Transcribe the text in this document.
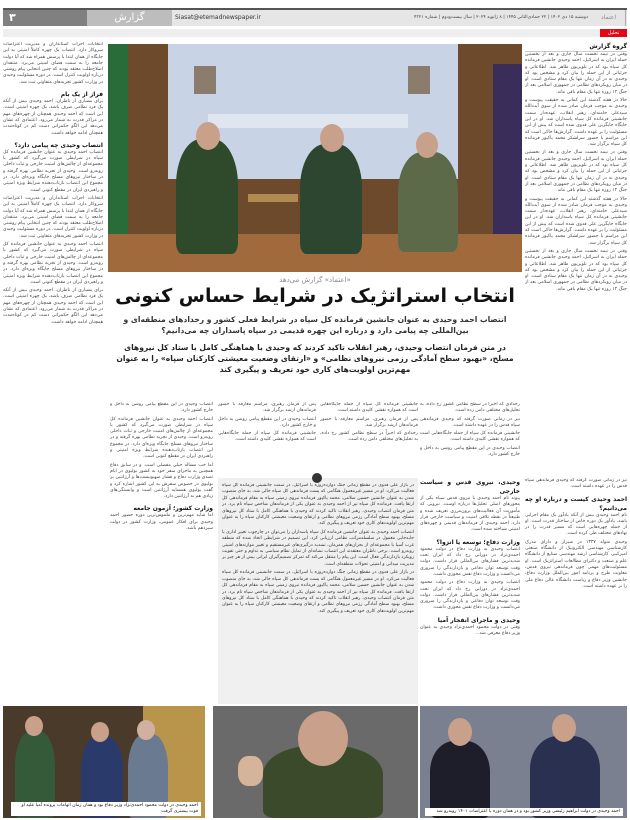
۳	گزارش	Siasat@etemadnewspaper.ir	دوشنبه ۱۵ دی ۱۴۰۲ | ۲۲ جمادی‌الثانی ۱۴۴۵ | ۸ ژانویه ۲۰۲۴ | سال بیست‌ودوم | شماره ۴۳۲۱	اعتماد
تحلیل
گروه گزارش

وقتی در نیمه نخست سال جاری و بعد از نخستین حمله ایران به اسرائیل، احمد وحیدی جانشین فرمانده کل سپاه بود که در تلویزیون ظاهر شد. اطلاعاتی و جزئیاتی از این حمله را بیان کرد و مشخص بود که وحیدی نه در آن زمان تنها یک مقام ستادی است. او در میان رویکردهای نظامی در جمهوری اسلامی بعد از جنگ ۱۲ روزه تنها یک مقام باقی ماند.

حالا در هفته گذشته این کمانی به حقیقت پیوست و وحیدی به موجب فرمان صادر شده از سوی آیت‌الله سیدعلی خامنه‌ای، رهبر انقلاب، عهده‌دار سمت جانشینی فرمانده کل سپاه پاسداران شد. او در این جایگاه جایگزین علی فدوی شده است که پیش از این مسئولیت را بر عهده داشت. گزارش‌ها حاکی است که این مراسم با حضور سرلشکر محمد پاکپور فرمانده کل سپاه برگزار شد.

وقتی در نیمه نخست سال جاری و بعد از نخستین حمله ایران به اسرائیل، احمد وحیدی جانشین فرمانده کل سپاه بود که در تلویزیون ظاهر شد. اطلاعاتی و جزئیاتی از این حمله را بیان کرد و مشخص بود که وحیدی نه در آن زمان تنها یک مقام ستادی است. او در میان رویکردهای نظامی در جمهوری اسلامی بعد از جنگ ۱۲ روزه تنها یک مقام باقی ماند.

حالا در هفته گذشته این کمانی به حقیقت پیوست و وحیدی به موجب فرمان صادر شده از سوی آیت‌الله سیدعلی خامنه‌ای، رهبر انقلاب، عهده‌دار سمت جانشینی فرمانده کل سپاه پاسداران شد. او در این جایگاه جایگزین علی فدوی شده است که پیش از این مسئولیت را بر عهده داشت. گزارش‌ها حاکی است که این مراسم با حضور سرلشکر محمد پاکپور فرمانده کل سپاه برگزار شد.

وقتی در نیمه نخست سال جاری و بعد از نخستین حمله ایران به اسرائیل، احمد وحیدی جانشین فرمانده کل سپاه بود که در تلویزیون ظاهر شد. اطلاعاتی و جزئیاتی از این حمله را بیان کرد و مشخص بود که وحیدی نه در آن زمان تنها یک مقام ستادی است. او در میان رویکردهای نظامی در جمهوری اسلامی بعد از جنگ ۱۲ روزه تنها یک مقام باقی ماند.

انتخابات احزاب استانداران و مدیریت اعتراضات سروکار دارد. انتصاب یک چهره کاملاً امنیتی به این جایگاه از همان ابتدا با پرسش همراه شد که آیا دولت جامعه را به سمت فضای امنیتی می‌برد. منتقدان اصلاح‌طلب معتقد بودند که چنین انتخابی پیام روشنی درباره اولویت کنترل است. در دوره مسئولیت وحیدی در وزارت کشور تجربه‌های متفاوتی ثبت شد.

فراز از یک بام

برای بسیاری از ناظران، احمد وحیدی بیش از آنکه یک فرد نظامی صرف باشد، یک چهره امنیتی است. این است که احمد وحیدی همچنان از چهره‌های مهم در مراکز قدرت به شمار می‌رود. اعتمادی که نشان می‌دهد این الگو حکمرانی دست کم در کوتاه‌مدت همچنان ادامه خواهد داشت.

انتصاب وحیدی چه پیامی دارد؟

انتصاب احمد وحیدی به عنوان جانشین فرمانده کل سپاه در شرایطی صورت می‌گیرد که کشور با مجموعه‌ای از چالش‌های امنیت خارجی و ثبات داخلی روبه‌رو است. وحیدی از تجربه نظامی بهره گرفته و در ساختار نیروهای مسلح جایگاه ویژه‌ای دارد. در مجموع این انتصاب بازتاب‌دهنده شرایط ویژه امنیتی و راهبردی ایران در مقطع کنونی است.

انتخابات احزاب استانداران و مدیریت اعتراضات سروکار دارد. انتصاب یک چهره کاملاً امنیتی به این جایگاه از همان ابتدا با پرسش همراه شد که آیا دولت جامعه را به سمت فضای امنیتی می‌برد. منتقدان اصلاح‌طلب معتقد بودند که چنین انتخابی پیام روشنی درباره اولویت کنترل است. در دوره مسئولیت وحیدی در وزارت کشور تجربه‌های متفاوتی ثبت شد.

انتصاب احمد وحیدی به عنوان جانشین فرمانده کل سپاه در شرایطی صورت می‌گیرد که کشور با مجموعه‌ای از چالش‌های امنیت خارجی و ثبات داخلی روبه‌رو است. وحیدی از تجربه نظامی بهره گرفته و در ساختار نیروهای مسلح جایگاه ویژه‌ای دارد. در مجموع این انتصاب بازتاب‌دهنده شرایط ویژه امنیتی و راهبردی ایران در مقطع کنونی است.

برای بسیاری از ناظران، احمد وحیدی بیش از آنکه یک فرد نظامی صرف باشد، یک چهره امنیتی است. این است که احمد وحیدی همچنان از چهره‌های مهم در مراکز قدرت به شمار می‌رود. اعتمادی که نشان می‌دهد این الگو حکمرانی دست کم در کوتاه‌مدت همچنان ادامه خواهد داشت.

«اعتماد» گزارش می‌دهد
انتخاب استراتژیک در شرایط حساس کنونی
انتصاب احمد وحیدی به عنوان جانشین فرمانده کل سپاه در شرایط فعلی کشور و رخدادهای منطقه‌ای و بین‌المللی چه پیامی دارد و درباره این چهره قدیمی در سپاه پاسداران چه می‌دانیم؟
در متن فرمان انتصاب وحیدی، رهبر انقلاب تاکید کردند که وحیدی با هماهنگی کامل با ستاد کل نیروهای مسلح، «بهبود سطح آمادگی رزمی نیروهای نظامی» و «ارتقای وضعیت معیشتی کارکنان سپاه» را به عنوان مهم‌ترین اولویت‌های کاری خود تعریف و پیگیری کند

رخدادی که اخیراً در سطح نظامی کشور رخ داده، به تحلیل‌های مختلفی دامن زده است.

نیز در زمانی صورت گرفته که وحیدی فرماندهی سپاه قدس را در عهده داشته است.

جانشینی فرمانده کل سپاه از جمله جایگاه‌هایی است که همواره نقشی کلیدی داشته است.

انتصاب وحیدی در این مقطع پیامی روشن به داخل و خارج کشور دارد.

جانشینی فرمانده کل سپاه از جمله جایگاه‌هایی است که همواره نقشی کلیدی داشته است.

پس از فرمان رهبری، مراسم معارفه با حضور فرماندهان ارشد برگزار شد.

رخدادی که اخیراً در سطح نظامی کشور رخ داده، به تحلیل‌های مختلفی دامن زده است.

پس از فرمان رهبری، مراسم معارفه با حضور فرماندهان ارشد برگزار شد.

انتصاب وحیدی در این مقطع پیامی روشن به داخل و خارج کشور دارد.

جانشینی فرمانده کل سپاه از جمله جایگاه‌هایی است که همواره نقشی کلیدی داشته است.

انتصاب وحیدی در این مقطع پیامی روشن به داخل و خارج کشور دارد.

انتصاب احمد وحیدی به عنوان جانشین فرمانده کل سپاه در شرایطی صورت می‌گیرد که کشور با مجموعه‌ای از چالش‌های امنیت خارجی و ثبات داخلی روبه‌رو است. وحیدی از تجربه نظامی بهره گرفته و در ساختار نیروهای مسلح جایگاه ویژه‌ای دارد. در مجموع این انتصاب بازتاب‌دهنده شرایط ویژه امنیتی و راهبردی ایران در مقطع کنونی است.

اما خب مساله خیلی مفصلی است. و در سابق دفاع همچنین به ماجرای سفر خود به کشور بولیوی در ایام تصدی وزارت دفاع و فشار صهیونیست‌ها و آرژانتین بر بولیوی در خصوص سفرش به این کشور اشاره کرد و گفت بولیوی همسایه آرژانتین است و وابستگی‌های زیادی هم به آرژانتین دارد.

وزارت کشور؛ آزمون جامعه

اما شاید مهم‌ترین و ملموس‌ترین دوره حضور احمد وحیدی برای افکار عمومی، وزارت کشور در دولت سیزدهم باشد.

در بازار علی فدوی در مقطع زمانی جنگ دوازده‌روزه با اسرائیل، در سمت جانشینی فرمانده کل سپاه فعالیت می‌کرد. او در مسیر غیرمعمول هنگامی که پست فرماندهی کل سپاه خالی شد، به جای منصوب شدن به عنوان جانشین حسین سلامی، محمد پاکپور فرمانده نیروی زمینی سپاه به مقام فرماندهی کل ارتقا یافت. فرمانده کل سپاه نیز از احمد وحیدی به عنوان یکی از فرماندهان شاخص سپاه نام برد. در متن فرمان انتصاب وحیدی، رهبر انقلاب تاکید کردند که وحیدی با هماهنگی کامل با ستاد کل نیروهای مسلح، بهبود سطح آمادگی رزمی نیروهای نظامی و ارتقای وضعیت معیشتی کارکنان سپاه را به عنوان مهم‌ترین اولویت‌های کاری خود تعریف و پیگیری کند.

انتصاب احمد وحیدی به عنوان جانشین فرمانده کل سپاه پاسداران را می‌توان در چارچوب تغییر اداری یا جابه‌جایی معمول در سلسله‌مراتب نظامی ارزیابی کرد. این تصمیم در شرایطی اتخاذ شده که منطقه غرب آسیا با مجموعه‌ای از بحران‌های همزمان، تشدید درگیری‌های غیرمستقیم و تغییر موازنه‌های امنیتی روبه‌رو است. برخی ناظران معتقدند این انتصاب نشانه‌ای از تمایل نظام سیاسی به تداوم و حتی تقویت رویکرد بازدارندگی فعال است. این پیام را منتقل می‌کند که تمرکز تصمیم‌گیران ایرانی بیش از هر چیز بر مدیریت میدانی و امنیتی تحولات منطقه‌ای است.

در بازار علی فدوی در مقطع زمانی جنگ دوازده‌روزه با اسرائیل، در سمت جانشینی فرمانده کل سپاه فعالیت می‌کرد. او در مسیر غیرمعمول هنگامی که پست فرماندهی کل سپاه خالی شد، به جای منصوب شدن به عنوان جانشین حسین سلامی، محمد پاکپور فرمانده نیروی زمینی سپاه به مقام فرماندهی کل ارتقا یافت. فرمانده کل سپاه نیز از احمد وحیدی به عنوان یکی از فرماندهان شاخص سپاه نام برد. در متن فرمان انتصاب وحیدی، رهبر انقلاب تاکید کردند که وحیدی با هماهنگی کامل با ستاد کل نیروهای مسلح، بهبود سطح آمادگی رزمی نیروهای نظامی و ارتقای وضعیت معیشتی کارکنان سپاه را به عنوان مهم‌ترین اولویت‌های کاری خود تعریف و پیگیری کند.

وحیدی، نیروی قدس و سیاست خارجی

پیوند نام احمد وحیدی با نیروی قدس سپاه یکی از محورهای اصلی تحلیل‌ها درباره اوست. نیرویی که مأموریت آن فعالیت‌های برون‌مرزی تعریف شده و طبیعتاً در نقطه تلاقی امنیت و سیاست خارجی قرار دارد. احمد وحیدی از فرماندهان قدیمی و چهره‌های امنیتی شناخته شده است.

وزارت دفاع؛ توسعه یا انزوا؟

انتصاب وحیدی به وزارت دفاع در دولت محمود احمدی‌نژاد در دورانی رخ داد که ایران تحت شدیدترین فشارهای بین‌المللی قرار داشت. دولت وقت توسعه توان دفاعی و بازدارندگی را ضروری می‌دانست و وزارت دفاع نقش محوری داشت.

انتصاب وحیدی به وزارت دفاع در دولت محمود احمدی‌نژاد در دورانی رخ داد که ایران تحت شدیدترین فشارهای بین‌المللی قرار داشت. دولت وقت توسعه توان دفاعی و بازدارندگی را ضروری می‌دانست و وزارت دفاع نقش محوری داشت.

وحیدی و ماجرای انفجار آمیا

وقتی در دولت محمود احمدی‌نژاد وحیدی به عنوان وزیر دفاع معرفی شد...

نیز در زمانی صورت گرفته که وحیدی فرماندهی سپاه قدس را در عهده داشته است.

احمد وحیدی کیست و درباره او چه می‌دانیم؟

نام احمد وحیدی بیش از آنکه یادآور یک مقام اجرایی باشد، یادآور یک دوره خاص از ساختار قدرت است. او از جمله چهره‌هایی است که مسیر قدرت را در نهادهای مختلف طی کرده است.

وحیدی متولد ۱۳۳۷ در شیراز و دارای مدرک کارشناسی مهندسی الکترونیک از دانشگاه صنعتی امیرکبیر، کارشناسی ارشد مهندسی صنایع از دانشگاه علم و صنعت و دکترای مطالعات استراتژیک است. او مسئولیت‌های مهمی چون فرماندهی نیروی قدس، معاونت طرح و برنامه امور بین‌الملل وزارت دفاع، جانشین وزیر دفاع و ریاست دانشگاه عالی دفاع ملی را بر عهده داشته است.

احمد وحیدی در دولت محمود احمدی‌نژاد وزیر دفاع بود و همان زمان اتهامات پرونده آمیا علیه او قوت بیشتری گرفت	احمد وحیدی در دولت ابراهیم رئیسی وزیر کشور بود و در همان دوره با اعتراضات ۱۴۰۱ روبه‌رو شد
